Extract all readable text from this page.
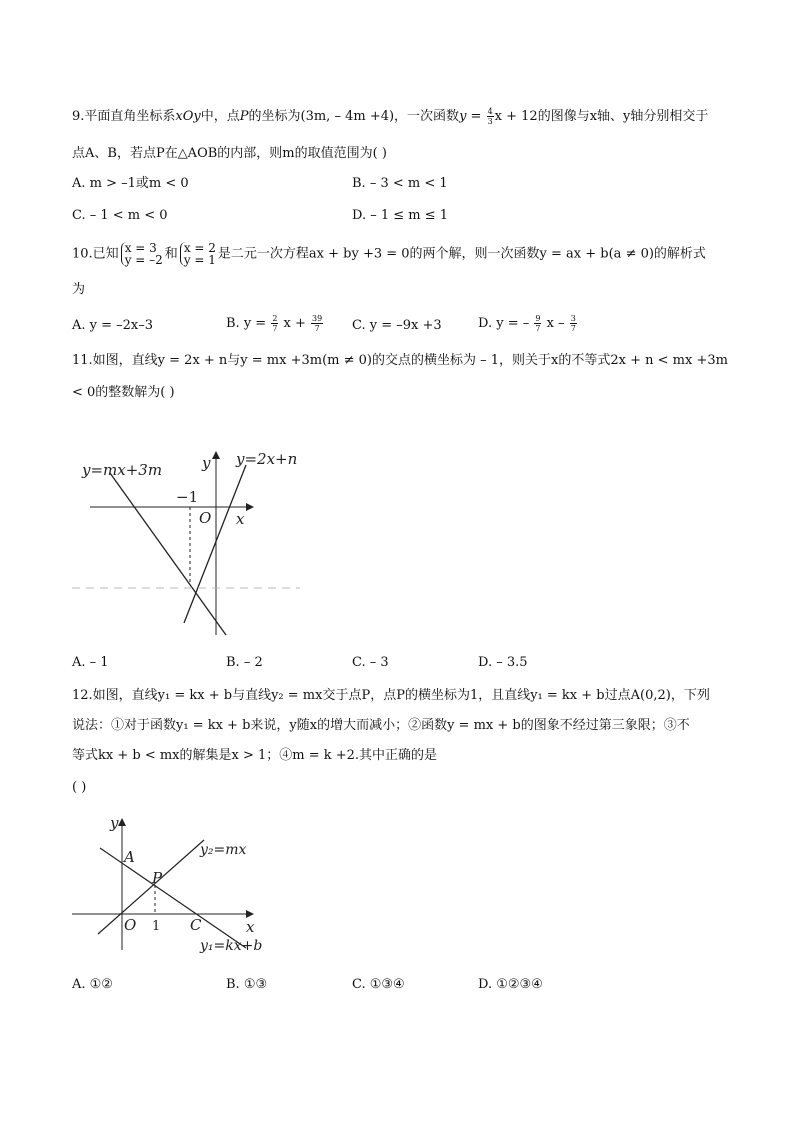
9.平面直角坐标系xOy中，点P的坐标为(3m, – 4m +4)，一次函数$y = \frac{4}{3}$ x + 12的图像与x轴、y轴分别相交于
点A、B，若点P在△AOB的内部，则m的取值范围为( )
A. m > –1或m < 0	B. – 3 < m < 1
C. – 1 < m < 0	D. – 1 ≤ m ≤ 1
10.已知 x = 3
y = –2 和 x = 2
y = 1 是二元一次方程ax + by +3 = 0的两个解，则一次函数y = ax + b(a ≠ 0)的解析式
为
A. y = –2x–3	B. $y = \frac{2}{7}$ $x + \frac{39}{7} C$. y = –9x +3	D. y = – $\frac{9}{7}$ x – $\frac{3}{7}$
11.如图，直线y = 2x + n与y = mx +3m(m ≠ 0)的交点的横坐标为 – 1，则关于x的不等式2x + n < mx +3m
< 0的整数解为( )
y=mx+3m
y=2x+n
y
x
O
−1
A. – 1	B. – 2	C. – 3	D. – 3.5
12.如图，直线y₁ = kx + b与直线y₂ = mx交于点P，点P的横坐标为1，且直线y₁ = kx + b过点A(0,2)，下列
说法：①对于函数y₁ = kx + b来说，y随x的增大而减小；②函数y = mx + b的图象不经过第三象限；③不
等式kx + b < mx的解集是x > 1；④m = k +2.其中正确的是
( )
y
x
A
P
O 1 C
y₂=mx
y₁=kx+b
A. ①②	B. ①③	C. ①③④	D. ①②③④
